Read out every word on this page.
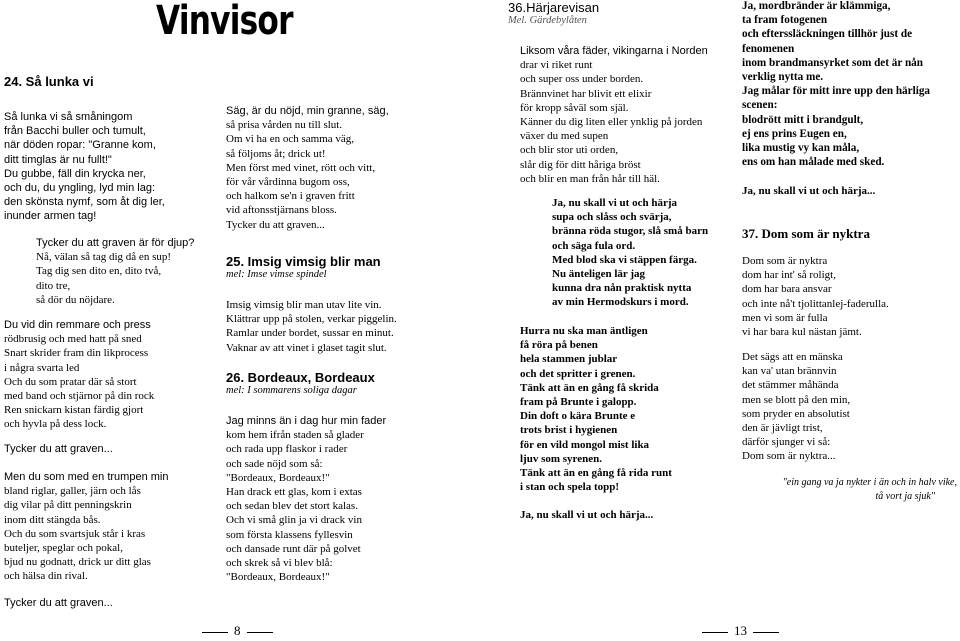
Vinvisor

24. Så lunka vi

Så lunka vi så småningom
från Bacchi buller och tumult,
när döden ropar: "Granne kom,
ditt timglas är nu fullt!"
Du gubbe, fäll din krycka ner,
och du, du yngling, lyd min lag:
den skönsta nymf, som åt dig ler,
inunder armen tag!
Tycker du att graven är för djup?
Nå, välan så tag dig då en sup!
Tag dig sen dito en, dito två,
dito tre,
så dör du nöjdare.
Du vid din remmare och press
rödbrusig och med hatt på sned
Snart skrider fram din likprocess
i några svarta led
Och du som pratar där så stort
med band och stjärnor på din rock
Ren snickarn kistan färdig gjort
och hyvla på dess lock.
Tycker du att graven...
Men du som med en trumpen min
bland riglar, galler, järn och lås
dig vilar på ditt penningskrin
inom ditt stängda bås.
Och du som svartsjuk står i kras
buteljer, speglar och pokal,
bjud nu godnatt, drick ur ditt glas
och hälsa din rival.
Tycker du att graven...
Säg, är du nöjd, min granne, säg,
så prisa vården nu till slut.
Om vi ha en och samma väg,
så följoms åt; drick ut!
Men först med vinet, rött och vitt,
för vår vårdinna bugom oss,
och halkom se'n i graven fritt
vid aftonsstjärnans bloss.
Tycker du att graven...

25. Imsig vimsig blir man

mel: Imse vimse spindel

Imsig vimsig blir man utav lite vin.
Klättrar upp på stolen, verkar piggelin.
Ramlar under bordet, sussar en minut.
Vaknar av att vinet i glaset tagit slut.

26. Bordeaux, Bordeaux

mel: I sommarens soliga dagar

Jag minns än i dag hur min fader
kom hem ifrån staden så glader
och rada upp flaskor i rader
och sade nöjd som så:
"Bordeaux, Bordeaux!"
Han drack ett glas, kom i extas
och sedan blev det stort kalas.
Och vi små glin ja vi drack vin
som första klassens fyllesvin
och dansade runt där på golvet
och skrek så vi blev blå:
"Bordeaux, Bordeaux!"
8

36.Härjarevisan

Mel. Gärdebylåten

Liksom våra fäder, vikingarna i Norden
drar vi riket runt
och super oss under borden.
Brännvinet har blivit ett elixir
för kropp såväl som själ.
Känner du dig liten eller ynklig på jorden
växer du med supen
och blir stor uti orden,
slår dig för ditt håriga bröst
och blir en man från hår till häl.
Ja, nu skall vi ut och härja
supa och slåss och svärja,
bränna röda stugor, slå små barn
och säga fula ord.
Med blod ska vi stäppen färga.
Nu änteligen lär jag
kunna dra nån praktisk nytta
av min Hermodskurs i mord.
Hurra nu ska man äntligen
få röra på benen
hela stammen jublar
och det spritter i grenen.
Tänk att än en gång få skrida
fram på Brunte i galopp.
Din doft o kära Brunte e
trots brist i hygienen
för en vild mongol mist lika
ljuv som syrenen.
Tänk att än en gång få rida runt
i stan och spela topp!
Ja, nu skall vi ut och härja...
Ja, mordbränder är klämmiga,
ta fram fotogenen
och efterssläckningen tillhör just de
fenomenen
inom brandmansyrket som det är nån
verklig nytta me.
Jag målar för mitt inre upp den härliga
scenen:
blodrött mitt i brandgult,
ej ens prins Eugen en,
lika mustig vy kan måla,
ens om han målade med sked.
Ja, nu skall vi ut och härja...

37. Dom som är nyktra

Dom som är nyktra
dom har int' så roligt,
dom har bara ansvar
och inte nå't tjolittanlej-faderulla.
men vi som är fulla
vi har bara kul nästan jämt.
Det sägs att en mänska
kan va' utan brännvin
det stämmer måhända
men se blott på den min,
som pryder en absolutist
den är jävligt trist,
därför sjunger vi så:
Dom som är nyktra...
"ein gang va ja nykter i än och in halv vike,
tå vort ja sjuk"
13
